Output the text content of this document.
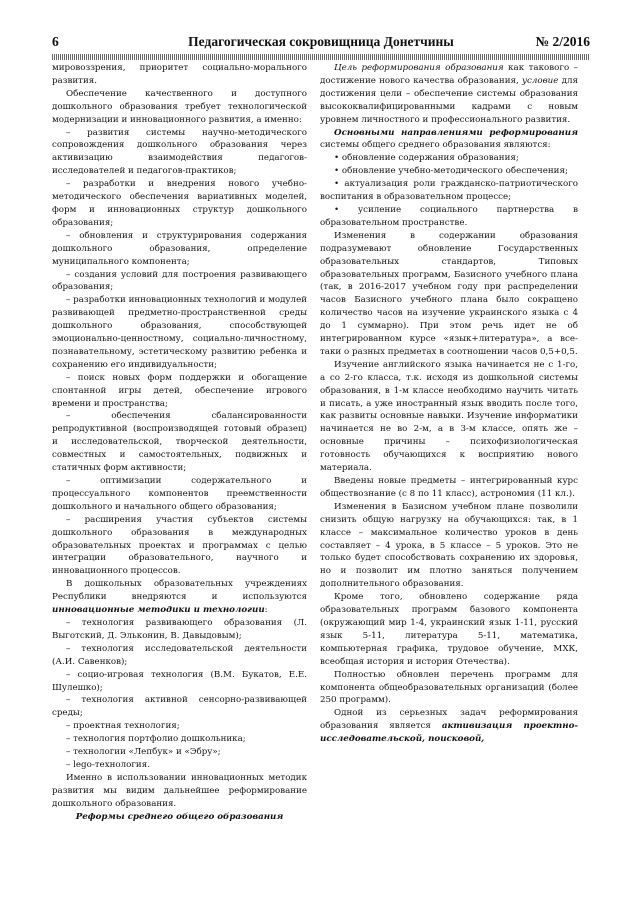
6	Педагогическая сокровищница Донетчины	№ 2/2016

мировоззрения, приоритет социально-морального развития.

Обеспечение качественного и доступного дошкольного образования требует технологической модернизации и инновационного развития, а именно:

– развития системы научно-методического сопровождения дошкольного образования через активизацию взаимодействия педагогов-исследователей и педагогов-практиков;

– разработки и внедрения нового учебно-методического обеспечения вариативных моделей, форм и инновационных структур дошкольного образования;

– обновления и структурирования содержания дошкольного образования, определение муниципального компонента;

– создания условий для построения развивающего образования;

– разработки инновационных технологий и модулей развивающей предметно-пространственной среды дошкольного образования, способствующей эмоционально-ценностному, социально-личностному, познавательному, эстетическому развитию ребенка и сохранению его индивидуальности;

– поиск новых форм поддержки и обогащение спонтанной игры детей, обеспечение игрового времени и пространства;

– обеспечения сбалансированности репродуктивной (воспроизводящей готовый образец) и исследовательской, творческой деятельности, совместных и самостоятельных, подвижных и статичных форм активности;

– оптимизации содержательного и процессуального компонентов преемственности дошкольного и начального общего образования;

– расширения участия субъектов системы дошкольного образования в международных образовательных проектах и программах с целью интеграции образовательного, научного и инновационного процессов.

В дошкольных образовательных учреждениях Республики внедряются и используются инновационные методики и технологии:

– технология развивающего образования (Л. Выготский, Д. Эльконин, В. Давыдовым);

– технология исследовательской деятельности (А.И. Савенков);

– социо-игровая технология (В.М. Букатов, Е.Е. Шулешко);

– технология активной сенсорно-развивающей среды;

– проектная технология;

– технология портфолио дошкольника;

– технологии «Лепбук» и «Эбру»;

– lego-технология.

Именно в использовании инновационных методик развития мы видим дальнейшее реформирование дошкольного образования.

Реформы среднего общего образования

Цель реформирования образования как такового – достижение нового качества образования, условие для достижения цели – обеспечение системы образования высококвалифицированными кадрами с новым уровнем личностного и профессионального развития.

Основными направлениями реформирования системы общего среднего образования являются:

• обновление содержания образования;

• обновление учебно-методического обеспечения;

• актуализация роли гражданско-патриотического воспитания в образовательном процессе;

• усиление социального партнерства в образовательном пространстве.

Изменения в содержании образования подразумевают обновление Государственных образовательных стандартов, Типовых образовательных программ, Базисного учебного плана (так, в 2016-2017 учебном году при распределении часов Базисного учебного плана было сокращено количество часов на изучение украинского языка с 4 до 1 суммарно). При этом речь идет не об интегрированном курсе «язык+литература», а все-таки о разных предметах в соотношении часов 0,5+0,5.

Изучение английского языка начинается не с 1-го, а со 2-го класса, т.к. исходя из дошкольной системы образования, в 1-м классе необходимо научить читать и писать, а уже иностранный язык вводить после того, как развиты основные навыки. Изучение информатики начинается не во 2-м, а в 3-м классе, опять же – основные причины – психофизиологическая готовность обучающихся к восприятию нового материала.

Введены новые предметы – интегрированный курс обществознание (с 8 по 11 класс), астрономия (11 кл.).

Изменения в Базисном учебном плане позволили снизить общую нагрузку на обучающихся: так, в 1 классе – максимальное количество уроков в день составляет – 4 урока, в 5 классе – 5 уроков. Это не только будет способствовать сохранению их здоровья, но и позволит им плотно заняться получением дополнительного образования.

Кроме того, обновлено содержание ряда образовательных программ базового компонента (окружающий мир 1-4, украинский язык 1-11, русский язык 5-11, литература 5-11, математика, компьютерная графика, трудовое обучение, МХК, всеобщая история и история Отечества).

Полностью обновлен перечень программ для компонента общеобразовательных организаций (более 250 программ).

Одной из серьезных задач реформирования образования является активизация проектно-исследовательской, поисковой,
